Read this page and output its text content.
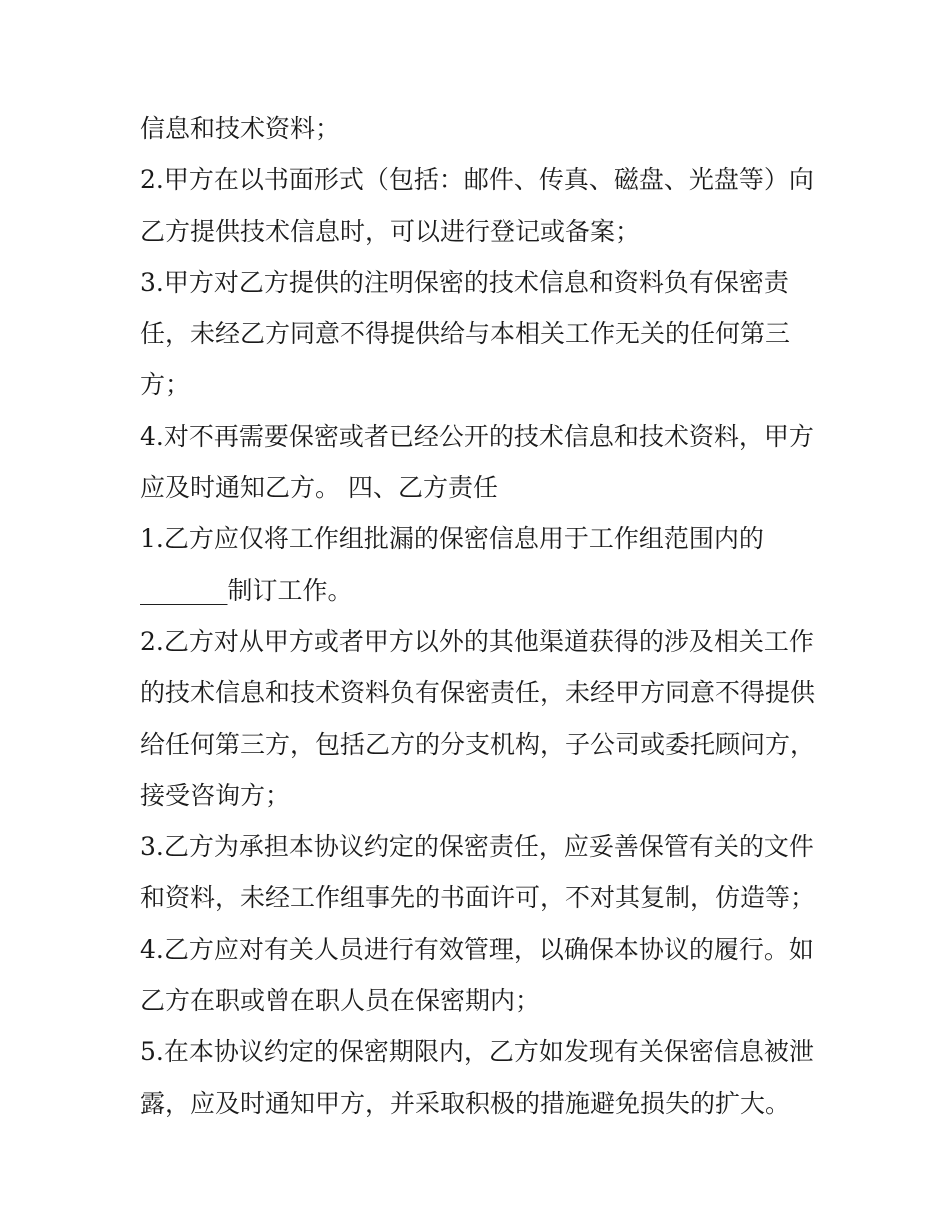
信息和技术资料；

2.甲方在以书面形式（包括：邮件、传真、磁盘、光盘等）向

乙方提供技术信息时，可以进行登记或备案；

3.甲方对乙方提供的注明保密的技术信息和资料负有保密责

任，未经乙方同意不得提供给与本相关工作无关的任何第三

方；

4.对不再需要保密或者已经公开的技术信息和技术资料，甲方

应及时通知乙方。 四、乙方责任

1.乙方应仅将工作组批漏的保密信息用于工作组范围内的

_______制订工作。

2.乙方对从甲方或者甲方以外的其他渠道获得的涉及相关工作

的技术信息和技术资料负有保密责任，未经甲方同意不得提供

给任何第三方，包括乙方的分支机构，子公司或委托顾问方，

接受咨询方；

3.乙方为承担本协议约定的保密责任，应妥善保管有关的文件

和资料，未经工作组事先的书面许可，不对其复制，仿造等；

4.乙方应对有关人员进行有效管理，以确保本协议的履行。如

乙方在职或曾在职人员在保密期内；

5.在本协议约定的保密期限内，乙方如发现有关保密信息被泄

露，应及时通知甲方，并采取积极的措施避免损失的扩大。
